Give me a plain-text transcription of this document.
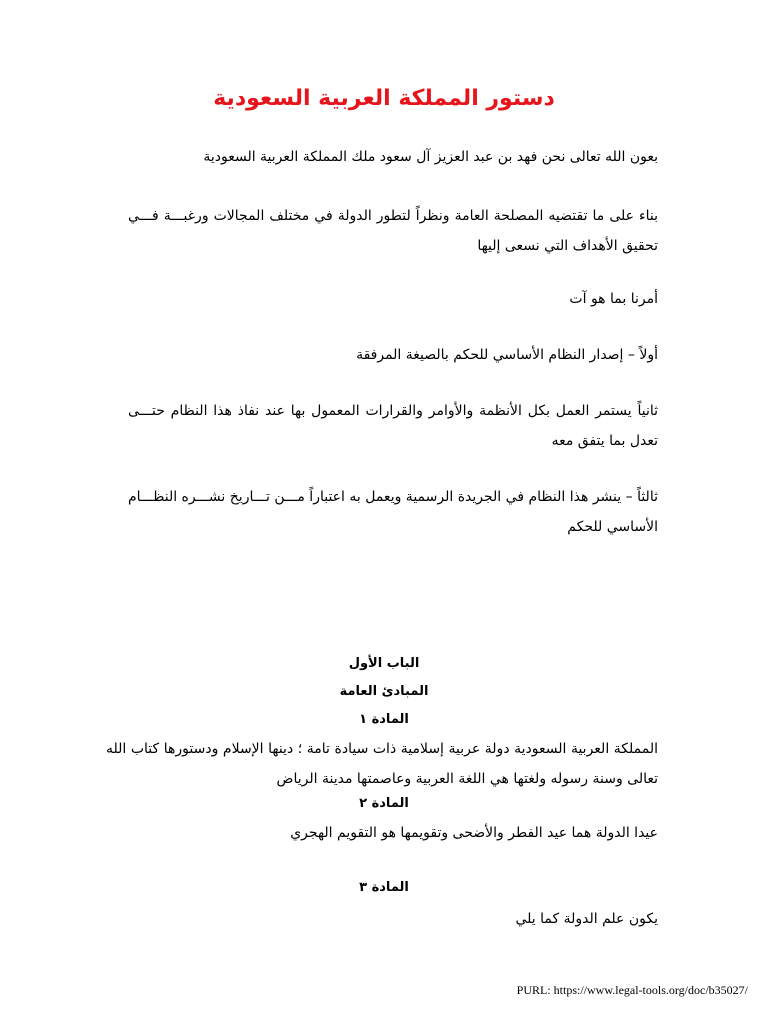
دستور المملكة العربية السعودية
بعون الله تعالى نحن فهد بن عبد العزيز آل سعود ملك المملكة العربية السعودية
بناء على ما تقتضيه المصلحة العامة ونظراً لتطور الدولة في مختلف المجالات ورغبـــة فـــي تحقيق الأهداف التي نسعى إليها
أمرنا بما هو آت
أولاً – إصدار النظام الأساسي للحكم بالصيغة المرفقة
ثانياً يستمر العمل بكل الأنظمة والأوامر والقرارات المعمول بها عند نفاذ هذا النظام حتـــى تعدل بما يتفق معه
ثالثاً – ينشر هذا النظام في الجريدة الرسمية ويعمل به اعتباراً مـــن تـــاريخ نشـــره النظـــام الأساسي للحكم
الباب الأول
المبادئ العامة
المادة ١
المملكة العربية السعودية دولة عربية إسلامية ذات سيادة تامة ؛ دينها الإسلام ودستورها كتاب الله تعالى وسنة رسوله ولغتها هي اللغة العربية وعاصمتها مدينة الرياض
المادة ٢
عيدا الدولة هما عيد الفطر والأضحى وتقويمها هو التقويم الهجري
المادة ٣
يكون علم الدولة كما يلي
PURL: https://www.legal-tools.org/doc/b35027/
